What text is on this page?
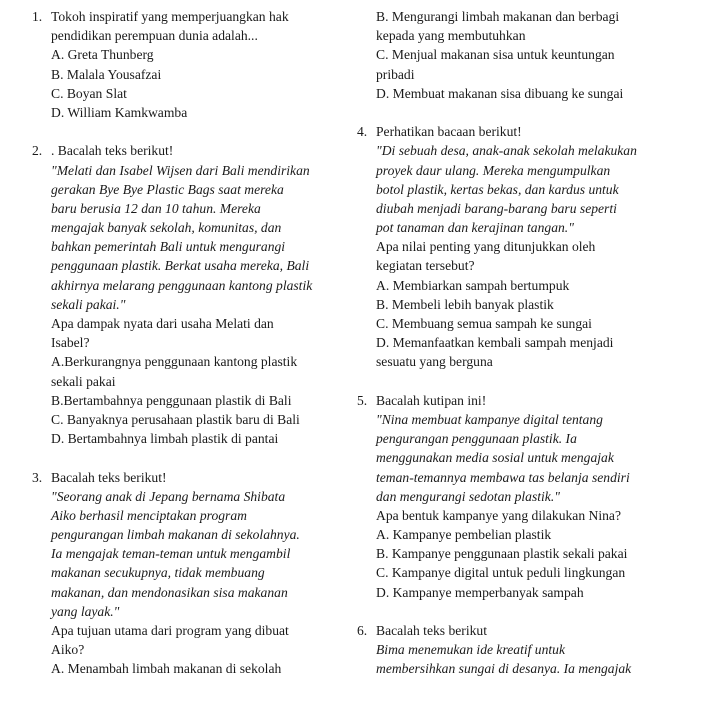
1. Tokoh inspiratif yang memperjuangkan hak
pendidikan perempuan dunia adalah...
A. Greta Thunberg
B. Malala Yousafzai
C. Boyan Slat
D. William Kamkwamba
2. . Bacalah teks berikut!
"Melati dan Isabel Wijsen dari Bali mendirikan
gerakan Bye Bye Plastic Bags saat mereka
baru berusia 12 dan 10 tahun. Mereka
mengajak banyak sekolah, komunitas, dan
bahkan pemerintah Bali untuk mengurangi
penggunaan plastik. Berkat usaha mereka, Bali
akhirnya melarang penggunaan kantong plastik
sekali pakai."
Apa dampak nyata dari usaha Melati dan
Isabel?
A.Berkurangnya penggunaan kantong plastik
sekali pakai
B.Bertambahnya penggunaan plastik di Bali
C. Banyaknya perusahaan plastik baru di Bali
D. Bertambahnya limbah plastik di pantai
3. Bacalah teks berikut!
"Seorang anak di Jepang bernama Shibata
Aiko berhasil menciptakan program
pengurangan limbah makanan di sekolahnya.
Ia mengajak teman-teman untuk mengambil
makanan secukupnya, tidak membuang
makanan, dan mendonasikan sisa makanan
yang layak."
Apa tujuan utama dari program yang dibuat
Aiko?
A. Menambah limbah makanan di sekolah
B. Mengurangi limbah makanan dan berbagi
kepada yang membutuhkan
C. Menjual makanan sisa untuk keuntungan
pribadi
D. Membuat makanan sisa dibuang ke sungai
4. Perhatikan bacaan berikut!
"Di sebuah desa, anak-anak sekolah melakukan
proyek daur ulang. Mereka mengumpulkan
botol plastik, kertas bekas, dan kardus untuk
diubah menjadi barang-barang baru seperti
pot tanaman dan kerajinan tangan."
Apa nilai penting yang ditunjukkan oleh
kegiatan tersebut?
A. Membiarkan sampah bertumpuk
B. Membeli lebih banyak plastik
C. Membuang semua sampah ke sungai
D. Memanfaatkan kembali sampah menjadi
sesuatu yang berguna
5. Bacalah kutipan ini!
"Nina membuat kampanye digital tentang
pengurangan penggunaan plastik. Ia
menggunakan media sosial untuk mengajak
teman-temannya membawa tas belanja sendiri
dan mengurangi sedotan plastik."
Apa bentuk kampanye yang dilakukan Nina?
A. Kampanye pembelian plastik
B. Kampanye penggunaan plastik sekali pakai
C. Kampanye digital untuk peduli lingkungan
D. Kampanye memperbanyak sampah
6. Bacalah teks berikut
Bima menemukan ide kreatif untuk
membersihkan sungai di desanya. Ia mengajak
